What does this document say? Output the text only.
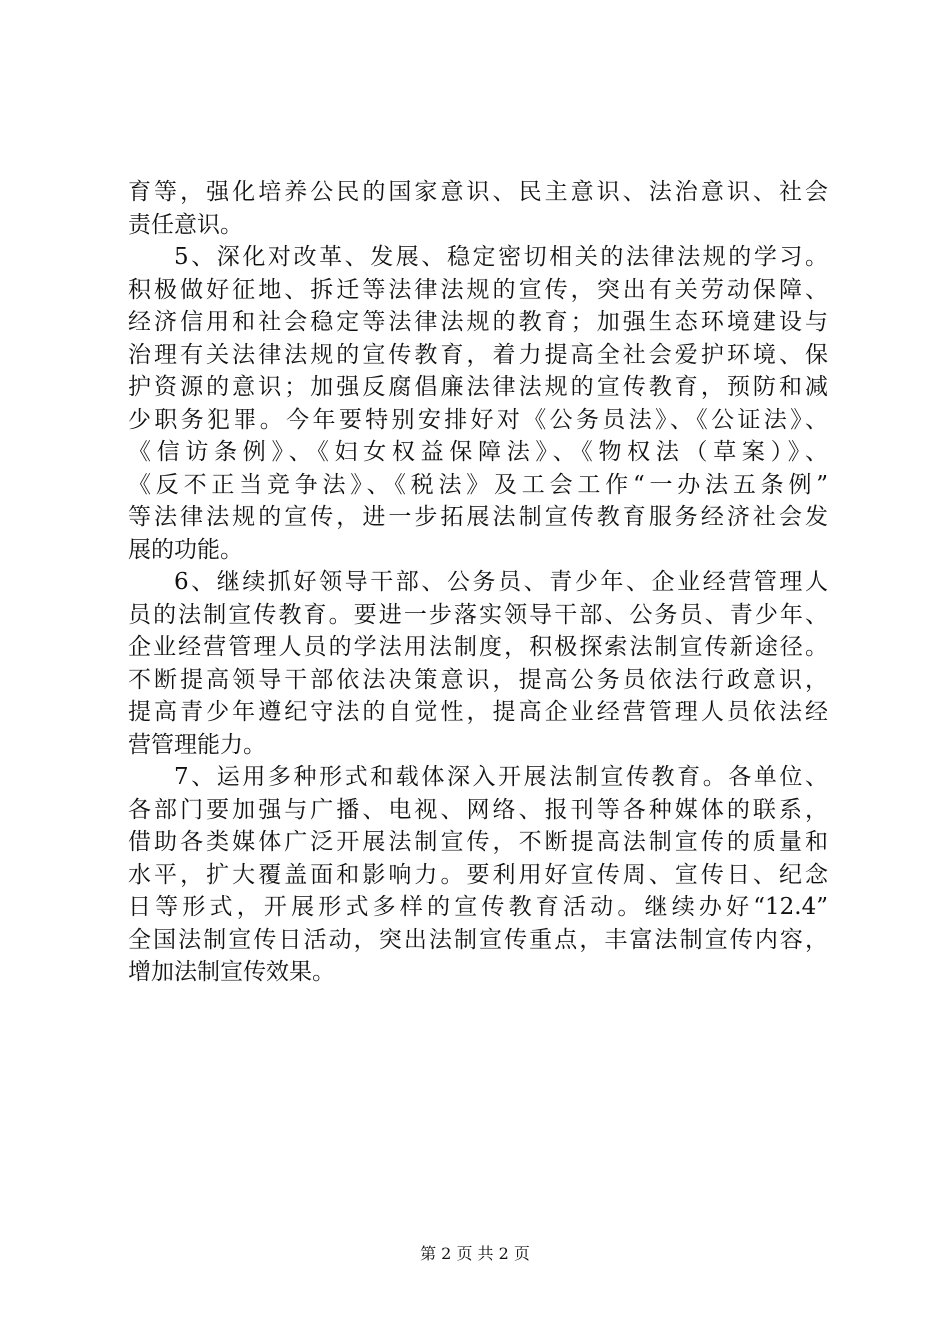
育等，强化培养公民的国家意识、民主意识、法治意识、社会
责任意识。
5、深化对改革、发展、稳定密切相关的法律法规的学习。
积极做好征地、拆迁等法律法规的宣传，突出有关劳动保障、
经济信用和社会稳定等法律法规的教育；加强生态环境建设与
治理有关法律法规的宣传教育，着力提高全社会爱护环境、保
护资源的意识；加强反腐倡廉法律法规的宣传教育，预防和减
少职务犯罪。今年要特别安排好对《公务员法》、《公证法》、
《信访条例》、《妇女权益保障法》、《物权法（草案）》、
《反不正当竞争法》、《税法》及工会工作“一办法五条例”
等法律法规的宣传，进一步拓展法制宣传教育服务经济社会发
展的功能。
6、继续抓好领导干部、公务员、青少年、企业经营管理人
员的法制宣传教育。要进一步落实领导干部、公务员、青少年、
企业经营管理人员的学法用法制度，积极探索法制宣传新途径。
不断提高领导干部依法决策意识，提高公务员依法行政意识，
提高青少年遵纪守法的自觉性，提高企业经营管理人员依法经
营管理能力。
7、运用多种形式和载体深入开展法制宣传教育。各单位、
各部门要加强与广播、电视、网络、报刊等各种媒体的联系，
借助各类媒体广泛开展法制宣传，不断提高法制宣传的质量和
水平，扩大覆盖面和影响力。要利用好宣传周、宣传日、纪念
日等形式，开展形式多样的宣传教育活动。继续办好“12.4”
全国法制宣传日活动，突出法制宣传重点，丰富法制宣传内容，
增加法制宣传效果。
第 2 页 共 2 页
